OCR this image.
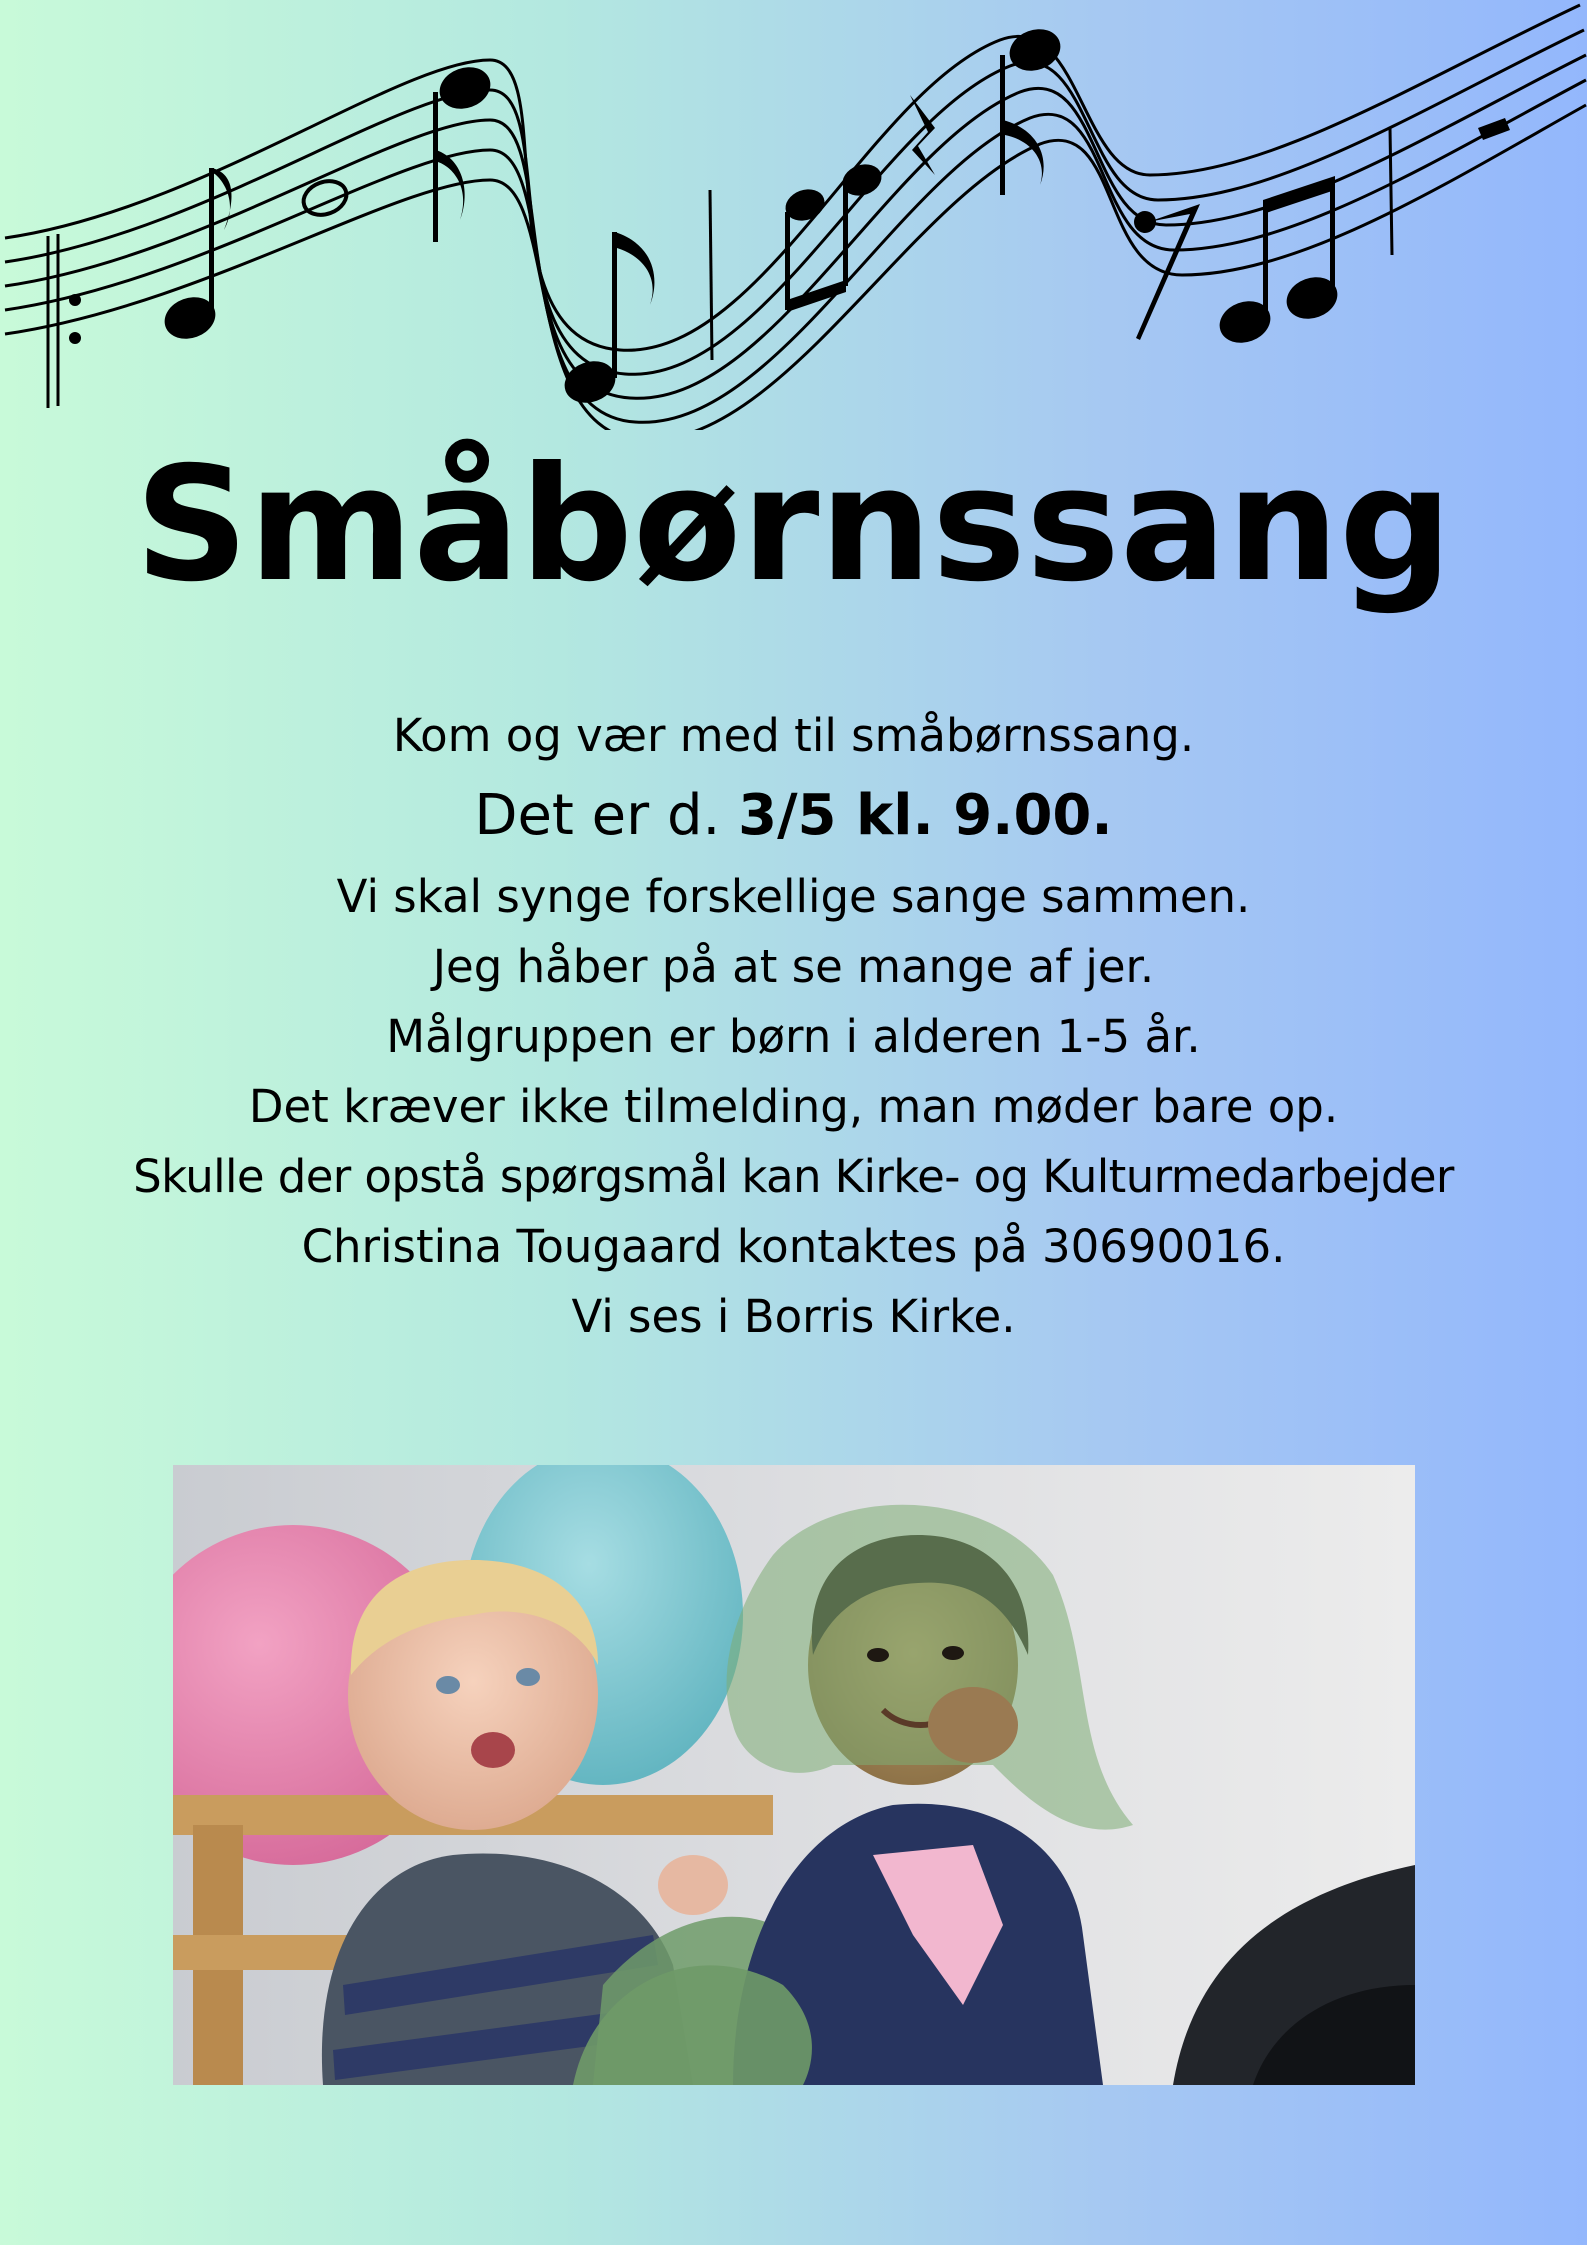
Småbørnssang
Kom og vær med til småbørnssang.
Det er d. 3/5 kl. 9.00.
Vi skal synge forskellige sange sammen.
Jeg håber på at se mange af jer.
Målgruppen er børn i alderen 1-5 år.
Det kræver ikke tilmelding, man møder bare op.
Skulle der opstå spørgsmål kan Kirke- og Kulturmedarbejder
Christina Tougaard kontaktes på 30690016.
Vi ses i Borris Kirke.
